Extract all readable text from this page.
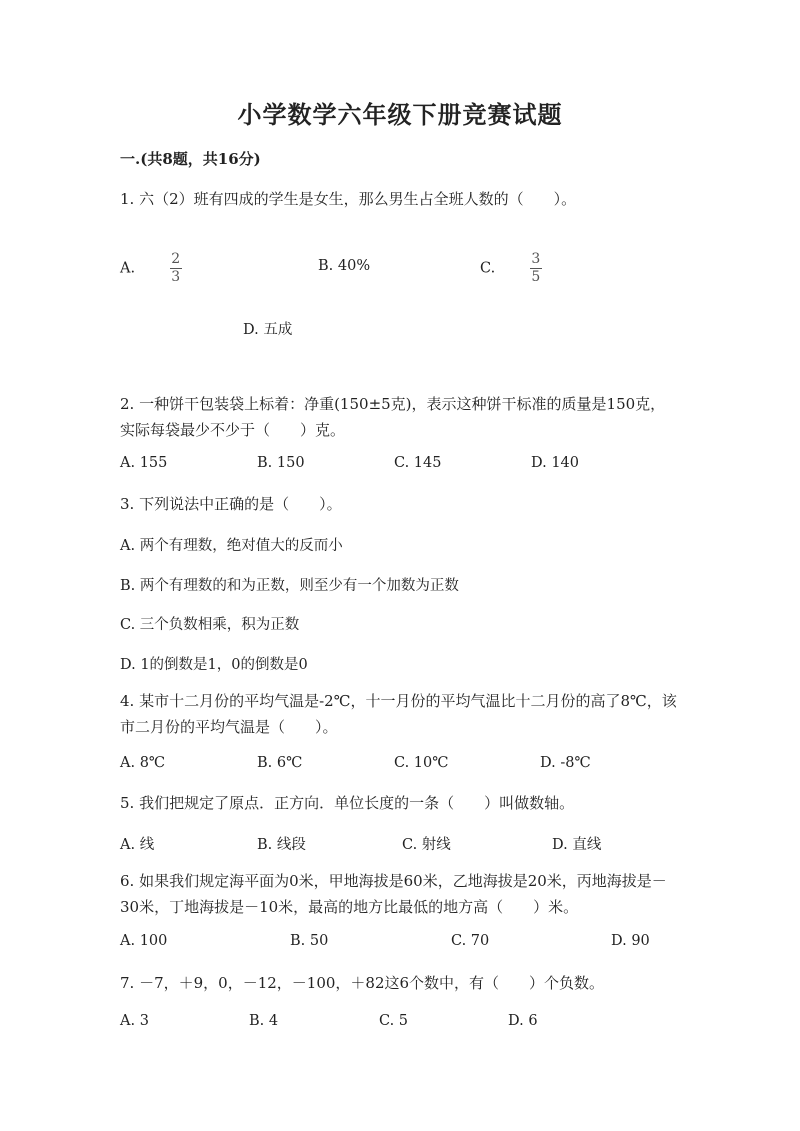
小学数学六年级下册竞赛试题
一.(共8题，共16分)
1. 六（2）班有四成的学生是女生，那么男生占全班人数的（　　）。
A. $\frac{2}{3}$	B. 40%	C. $\frac{3}{5}$
D. 五成
2. 一种饼干包装袋上标着：净重(150±5克)，表示这种饼干标准的质量是150克，实际每袋最少不少于（　　）克。
A. 155	B. 150	C. 145	D. 140
3. 下列说法中正确的是（　　）。
A. 两个有理数，绝对值大的反而小
B. 两个有理数的和为正数，则至少有一个加数为正数
C. 三个负数相乘，积为正数
D. 1的倒数是1，0的倒数是0
4. 某市十二月份的平均气温是-2℃，十一月份的平均气温比十二月份的高了8℃，该市二月份的平均气温是（　　）。
A. 8℃	B. 6℃	C. 10℃	D. -8℃
5. 我们把规定了原点．正方向．单位长度的一条（　　）叫做数轴。
A. 线	B. 线段	C. 射线	D. 直线
6. 如果我们规定海平面为0米，甲地海拔是60米，乙地海拔是20米，丙地海拔是－30米，丁地海拔是－10米，最高的地方比最低的地方高（　　）米。
A. 100	B. 50	C. 70	D. 90
7. －7，＋9，0，－12，－100，＋82这6个数中，有（　　）个负数。
A. 3	B. 4	C. 5	D. 6
